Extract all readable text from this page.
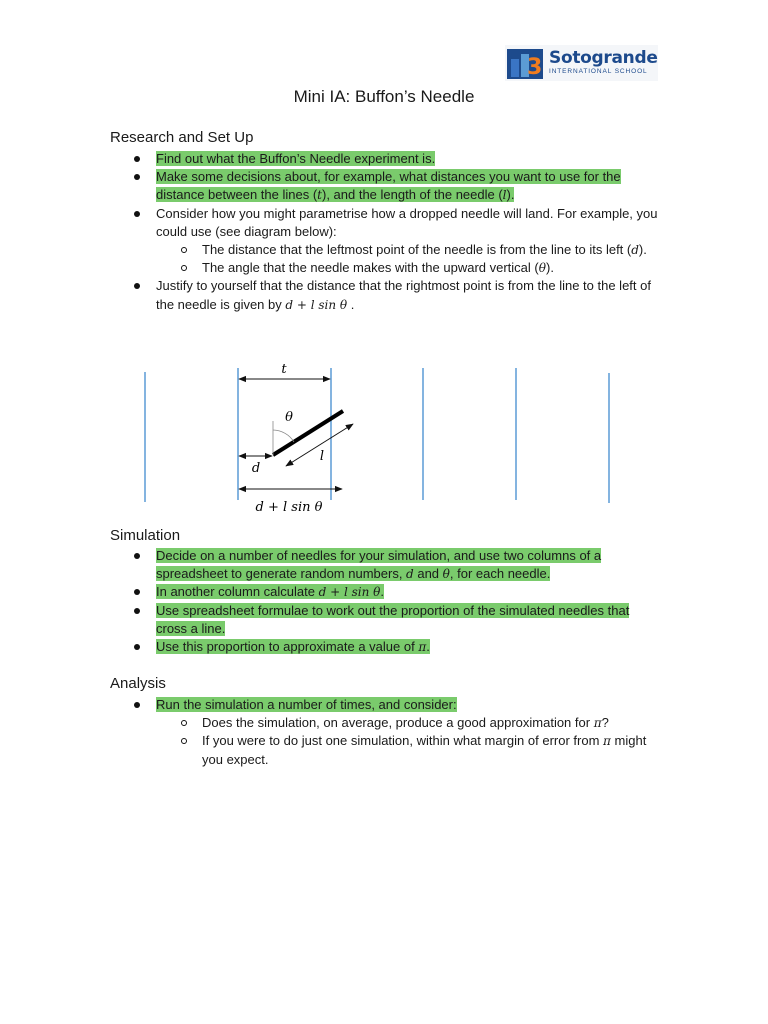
3 Sotogrande
INTERNATIONAL SCHOOL
Mini IA: Buffon’s Needle
Research and Set Up
Find out what the Buffon’s Needle experiment is.
Make some decisions about, for example, what distances you want to use for the distance between the lines (t), and the length of the needle (l).
Consider how you might parametrise how a dropped needle will land. For example, you could use (see diagram below):
The distance that the leftmost point of the needle is from the line to its left (d).
The angle that the needle makes with the upward vertical (θ).
Justify to yourself that the distance that the rightmost point is from the line to the left of the needle is given by d + l sin θ .
t
θ
l
d
d + l sin θ
Simulation
Decide on a number of needles for your simulation, and use two columns of a spreadsheet to generate random numbers, d and θ, for each needle.
In another column calculate d + l sin θ.
Use spreadsheet formulae to work out the proportion of the simulated needles that cross a line.
Use this proportion to approximate a value of π.
Analysis
Run the simulation a number of times, and consider:
Does the simulation, on average, produce a good approximation for π?
If you were to do just one simulation, within what margin of error from π might you expect.
